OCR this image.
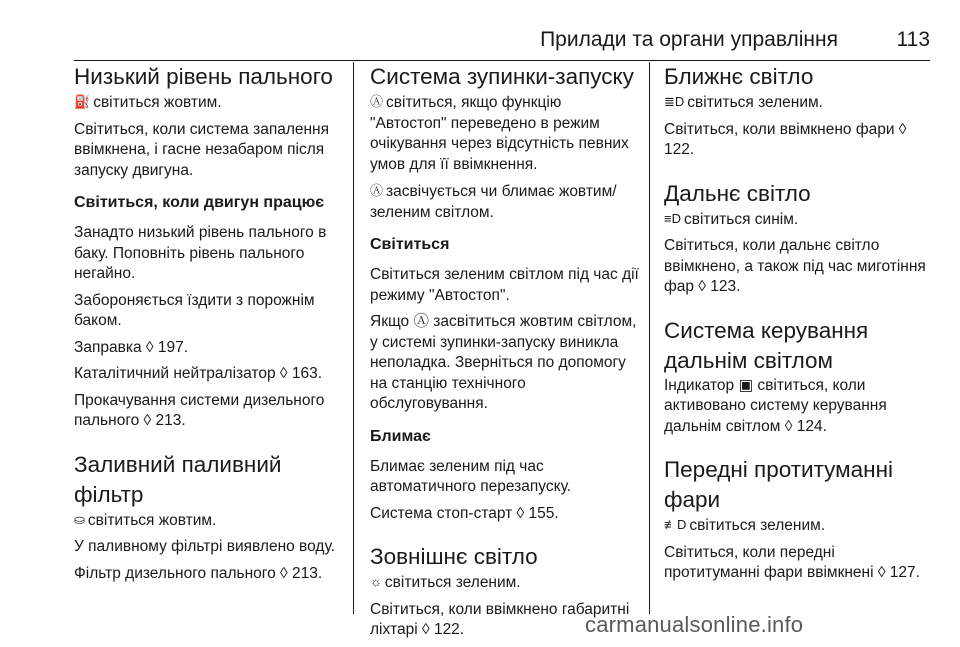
Прилади та органи управління	113
Низький рівень пального
⛽ світиться жовтим.
Світиться, коли система запалення ввімкнена, і гасне незабаром після запуску двигуна.
Світиться, коли двигун працює
Занадто низький рівень пального в баку. Поповніть рівень пального негайно.
Забороняється їздити з порожнім баком.
Заправка ◊ 197.
Каталітичний нейтралізатор ◊ 163.
Прокачування системи дизельного пального ◊ 213.
Заливний паливний фільтр
⛀ світиться жовтим.
У паливному фільтрі виявлено воду.
Фільтр дизельного пального ◊ 213.
Система зупинки-запуску
Ⓐ світиться, якщо функцію "Автостоп" переведено в режим очікування через відсутність певних умов для її ввімкнення.
Ⓐ засвічується чи блимає жовтим/ зеленим світлом.
Світиться
Світиться зеленим світлом під час дії режиму "Автостоп".
Якщо Ⓐ засвітиться жовтим світлом, у системі зупинки-запуску виникла неполадка. Зверніться по допомогу на станцію технічного обслуговування.
Блимає
Блимає зеленим під час автоматичного перезапуску.
Система стоп-старт ◊ 155.
Зовнішнє світло
☼ світиться зеленим.
Світиться, коли ввімкнено габаритні ліхтарі ◊ 122.
Ближнє світло
≣D світиться зеленим.
Світиться, коли ввімкнено фари ◊ 122.
Дальнє світло
≡D світиться синім.
Світиться, коли дальнє світло ввімкнено, а також під час миготіння фар ◊ 123.
Система керування дальнім світлом
Індикатор ▣ світиться, коли активовано систему керування дальнім світлом ◊ 124.
Передні протитуманні фари
≢D світиться зеленим.
Світиться, коли передні протитуманні фари ввімкнені ◊ 127.
carmanualsonline.info
